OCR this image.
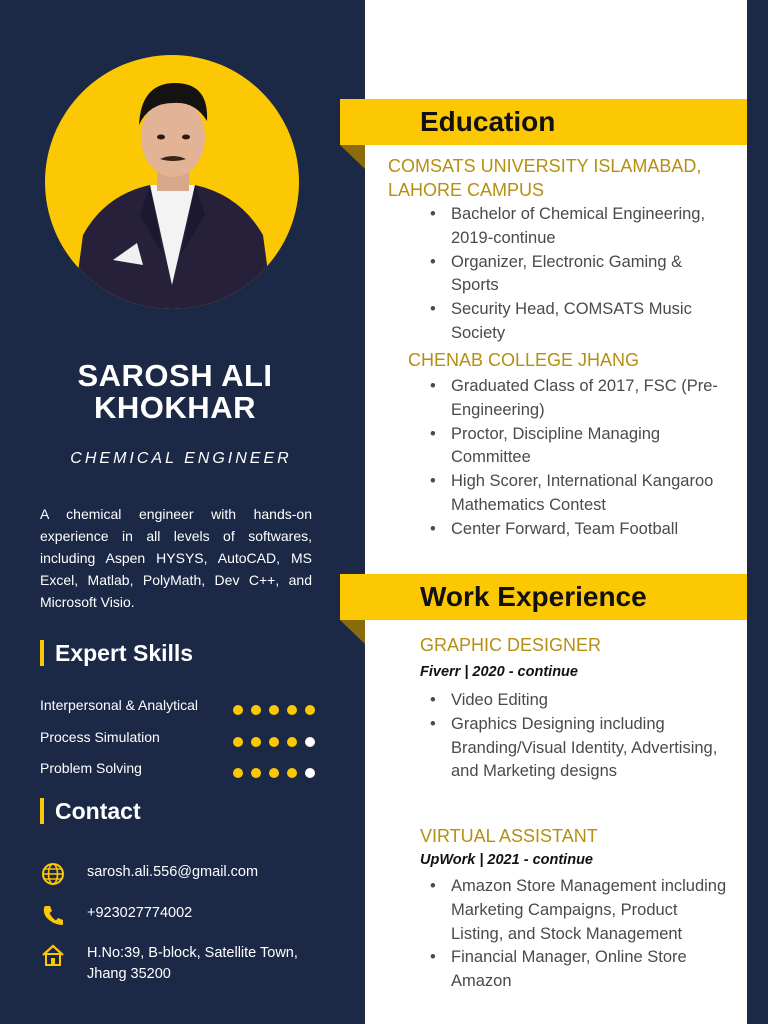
SAROSH ALI
KHOKHAR
CHEMICAL ENGINEER
A chemical engineer with hands-on experience in all levels of softwares, including Aspen HYSYS, AutoCAD, MS Excel, Matlab, PolyMath, Dev C++, and Microsoft Visio.
Expert Skills
Interpersonal & Analytical
Process Simulation
Problem Solving
Contact
sarosh.ali.556@gmail.com
+923027774002
H.No:39, B-block, Satellite Town, Jhang 35200
Education
COMSATS UNIVERSITY ISLAMABAD, LAHORE CAMPUS
• Bachelor of Chemical Engineering, 2019-continue
• Organizer, Electronic Gaming & Sports
• Security Head, COMSATS Music Society
CHENAB COLLEGE JHANG
• Graduated Class of 2017, FSC (Pre-Engineering)
• Proctor, Discipline Managing Committee
• High Scorer, International Kangaroo Mathematics Contest
• Center Forward, Team Football
Work Experience
GRAPHIC DESIGNER
Fiverr | 2020 - continue
• Video Editing
• Graphics Designing including Branding/Visual Identity, Advertising, and Marketing designs
VIRTUAL ASSISTANT
UpWork | 2021 - continue
• Amazon Store Management including Marketing Campaigns, Product Listing, and Stock Management
• Financial Manager, Online Store Amazon
